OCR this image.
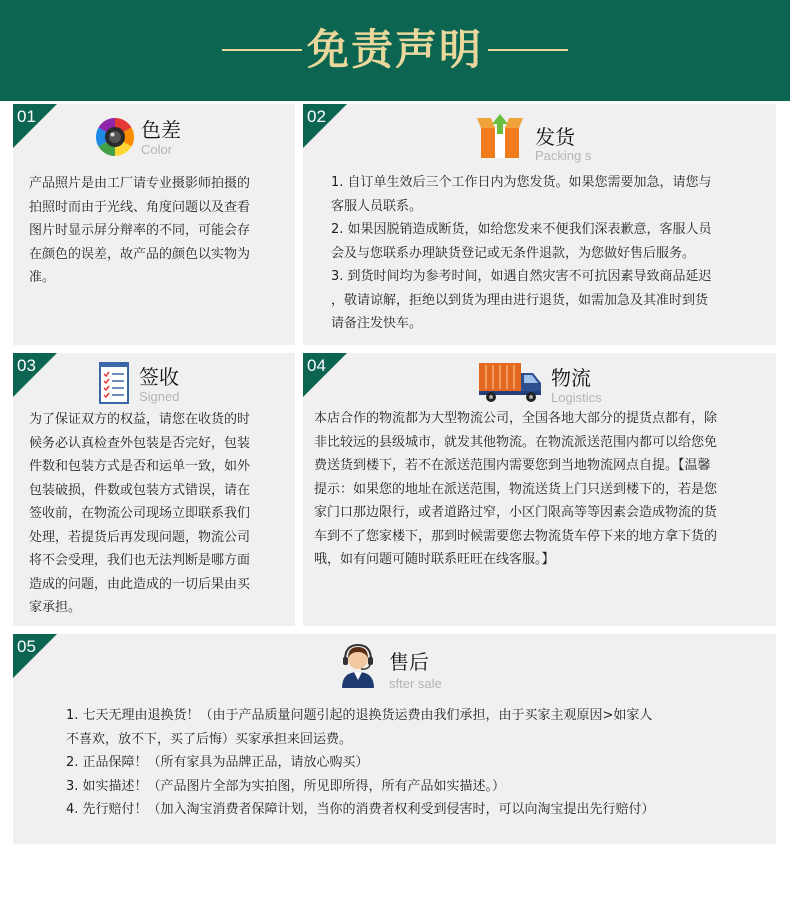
免责声明
01
色差
Color

产品照片是由工厂请专业摄影师拍摄的

拍照时而由于光线、角度问题以及查看

图片时显示屏分辩率的不同，可能会存

在颜色的误差，故产品的颜色以实物为

准。

02
发货
Packing s

1. 自订单生效后三个工作日内为您发货。如果您需要加急，请您与

客服人员联系。

2. 如果因脱销造成断货，如给您发来不便我们深表歉意，客服人员

会及与您联系办理缺货登记或无条件退款，为您做好售后服务。

3. 到货时间均为参考时间，如遇自然灾害不可抗因素导致商品延迟

，敬请谅解，拒绝以到货为理由进行退货，如需加急及其准时到货

请备注发快车。

03	签收
Signed

为了保证双方的权益，请您在收货的时

候务必认真检查外包装是否完好，包装

件数和包装方式是否和运单一致，如外

包装破损，件数或包装方式错误，请在

签收前，在物流公司现场立即联系我们

处理，若提货后再发现问题，物流公司

将不会受理，我们也无法判断是哪方面

造成的问题，由此造成的一切后果由买

家承担。

04
物流
Logistics

本店合作的物流都为大型物流公司，全国各地大部分的提货点都有，除

非比较远的县级城市，就发其他物流。在物流派送范围内都可以给您免

费送货到楼下，若不在派送范围内需要您到当地物流网点自提。【温馨

提示：如果您的地址在派送范围，物流送货上门只送到楼下的，若是您

家门口那边限行，或者道路过窄，小区门限高等等因素会造成物流的货

车到不了您家楼下，那到时候需要您去物流货车停下来的地方拿下货的

哦，如有问题可随时联系旺旺在线客服。】

05
售后
sfter sale

1. 七天无理由退换货！（由于产品质量问题引起的退换货运费由我们承担，由于买家主观原因>如家人

不喜欢，放不下，买了后悔）买家承担来回运费。

2. 正品保障！（所有家具为品牌正品，请放心购买）

3. 如实描述！（产品图片全部为实拍图，所见即所得，所有产品如实描述。）

4. 先行赔付！（加入淘宝消费者保障计划，当你的消费者权利受到侵害时，可以向淘宝提出先行赔付）
